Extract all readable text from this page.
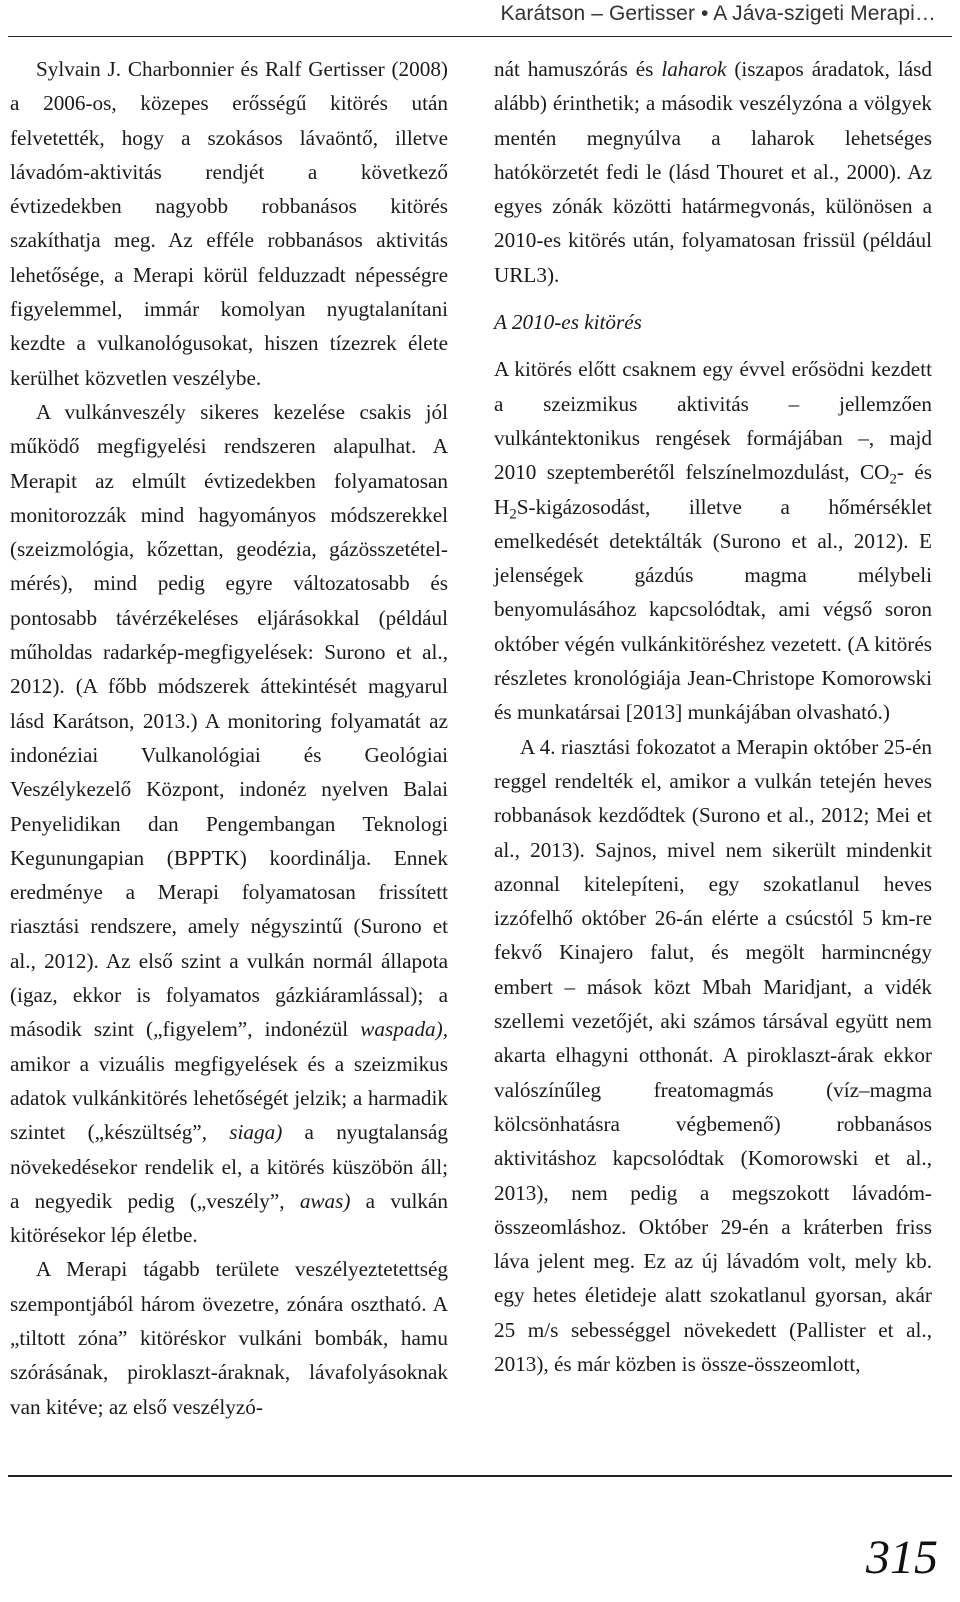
Karátson – Gertisser • A Jáva-szigeti Merapi…

Sylvain J. Charbonnier és Ralf Gertisser (2008) a 2006-os, közepes erősségű kitörés után felvetették, hogy a szokásos lávaöntő, illetve lávadóm-aktivitás rendjét a következő évtizedekben nagyobb robbanásos kitörés szakíthatja meg. Az efféle robbanásos aktivitás lehetősége, a Merapi körül felduzzadt népességre figyelemmel, immár komolyan nyugtalanítani kezdte a vulkanológusokat, hiszen tízezrek élete kerülhet közvetlen veszélybe.

A vulkánveszély sikeres kezelése csakis jól működő megfigyelési rendszeren alapulhat. A Merapit az elmúlt évtizedekben folyamatosan monitorozzák mind hagyományos módszerekkel (szeizmológia, kőzettan, geodézia, gázösszetétel-mérés), mind pedig egyre változatosabb és pontosabb távérzékeléses eljárásokkal (például műholdas radarkép-megfigyelések: Surono et al., 2012). (A főbb módszerek áttekintését magyarul lásd Karátson, 2013.) A monitoring folyamatát az indonéziai Vulkanológiai és Geológiai Veszélykezelő Központ, indonéz nyelven Balai Penyelidikan dan Pengembangan Teknologi Kegunungapian (BPPTK) koordinálja. Ennek eredménye a Merapi folyamatosan frissített riasztási rendszere, amely négyszintű (Surono et al., 2012). Az első szint a vulkán normál állapota (igaz, ekkor is folyamatos gázkiáramlással); a második szint („figyelem”, indonézül waspada), amikor a vizuális megfigyelések és a szeizmikus adatok vulkánkitörés lehetőségét jelzik; a harmadik szintet („készültség”, siaga) a nyugtalanság növekedésekor rendelik el, a kitörés küszöbön áll; a negyedik pedig („veszély”, awas) a vulkán kitörésekor lép életbe.

A Merapi tágabb területe veszélyeztetettség szempontjából három övezetre, zónára osztható. A „tiltott zóna” kitöréskor vulkáni bombák, hamu szórásának, piroklaszt-áraknak, lávafolyásoknak van kitéve; az első veszélyzó-

nát hamuszórás és laharok (iszapos áradatok, lásd alább) érinthetik; a második veszélyzóna a völgyek mentén megnyúlva a laharok lehetséges hatókörzetét fedi le (lásd Thouret et al., 2000). Az egyes zónák közötti határmegvonás, különösen a 2010-es kitörés után, folyamatosan frissül (például URL3).

A 2010-es kitörés

A kitörés előtt csaknem egy évvel erősödni kezdett a szeizmikus aktivitás – jellemzően vulkántektonikus rengések formájában –, majd 2010 szeptemberétől felszínelmozdulást, $CO_2-$ és $H_2S$-kigázosodást, illetve a hőmérséklet emelkedését detektálták (Surono et al., 2012). E jelenségek gázdús magma mélybeli benyomulásához kapcsolódtak, ami végső soron október végén vulkánkitöréshez vezetett. (A kitörés részletes kronológiája Jean-Christope Komorowski és munkatársai [2013] munkájában olvasható.)

A 4. riasztási fokozatot a Merapin október 25-én reggel rendelték el, amikor a vulkán tetején heves robbanások kezdődtek (Surono et al., 2012; Mei et al., 2013). Sajnos, mivel nem sikerült mindenkit azonnal kitelepíteni, egy szokatlanul heves izzófelhő október 26-án elérte a csúcstól 5 km-re fekvő Kinajero falut, és megölt harmincnégy embert – mások közt Mbah Maridjant, a vidék szellemi vezetőjét, aki számos társával együtt nem akarta elhagyni otthonát. A piroklaszt-árak ekkor valószínűleg freatomagmás (víz–magma kölcsönhatásra végbemenő) robbanásos aktivitáshoz kapcsolódtak (Komorowski et al., 2013), nem pedig a megszokott lávadóm-összeomláshoz. Október 29-én a kráterben friss láva jelent meg. Ez az új lávadóm volt, mely kb. egy hetes életideje alatt szokatlanul gyorsan, akár 25 m/s sebességgel növekedett (Pallister et al., 2013), és már közben is össze-összeomlott,

315
